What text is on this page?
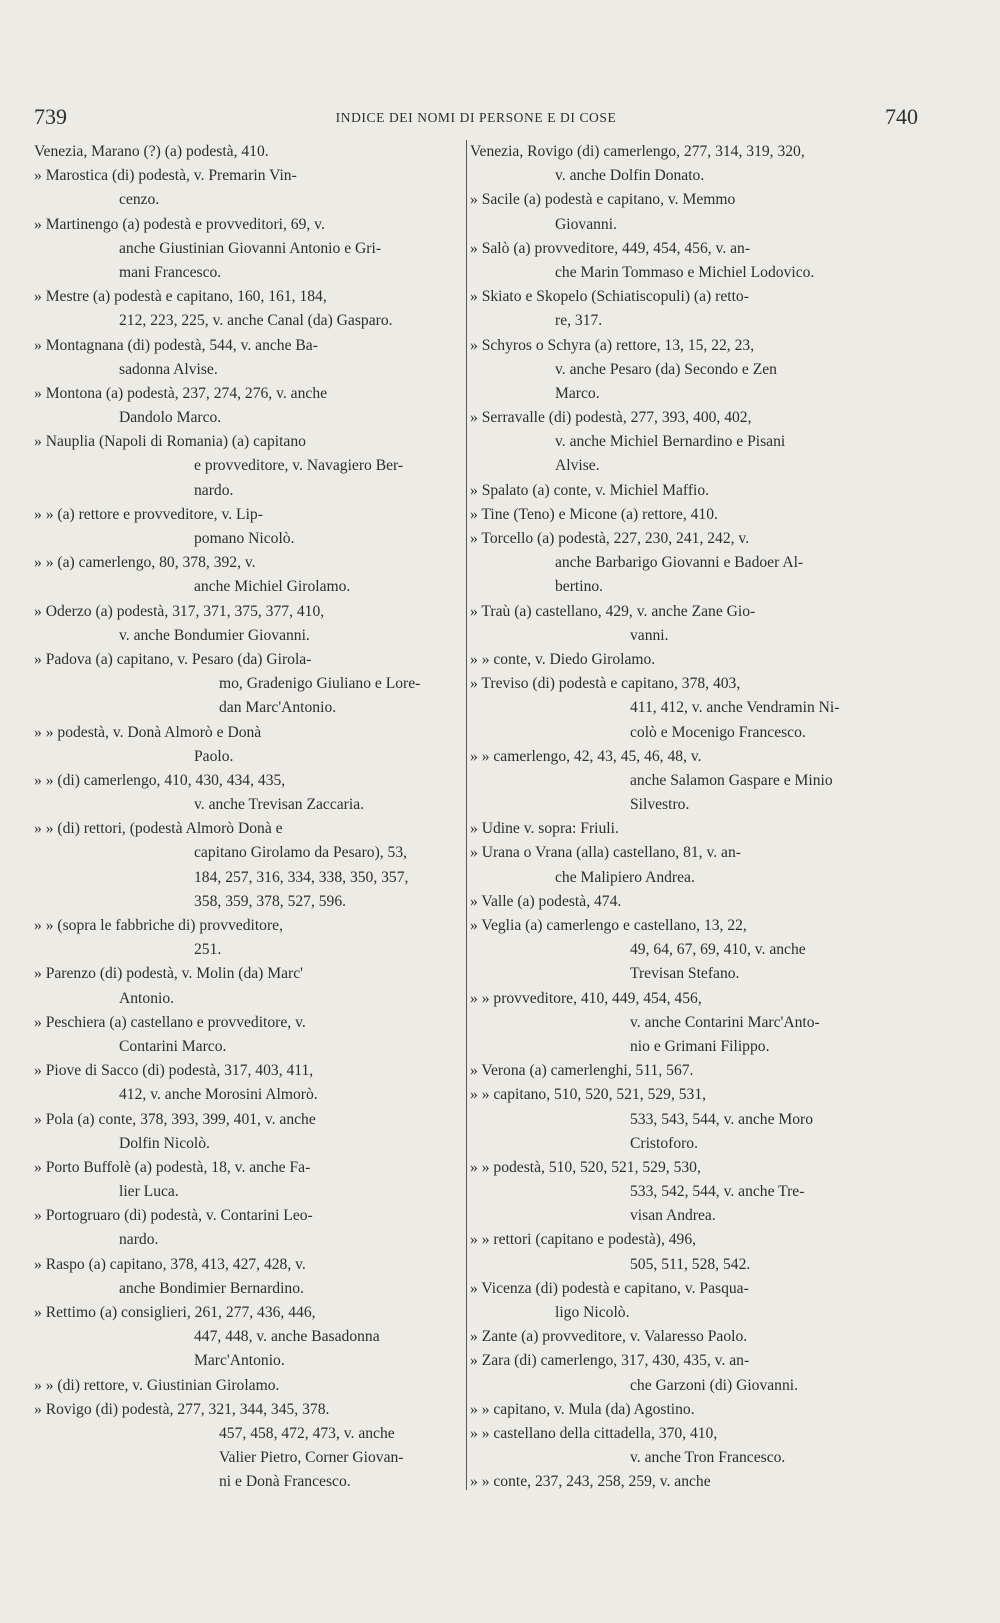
739	INDICE DEI NOMI DI PERSONE E DI COSE	740
Venezia, Marano (?) (a) podestà, 410.
» Marostica (di) podestà, v. Premarin Vin-
cenzo.
» Martinengo (a) podestà e provveditori, 69, v.
anche Giustinian Giovanni Antonio e Gri-
mani Francesco.
» Mestre (a) podestà e capitano, 160, 161, 184,
212, 223, 225, v. anche Canal (da) Gasparo.
» Montagnana (di) podestà, 544, v. anche Ba-
sadonna Alvise.
» Montona (a) podestà, 237, 274, 276, v. anche
Dandolo Marco.
» Nauplia (Napoli di Romania) (a) capitano
e provveditore, v. Navagiero Ber-
nardo.
» » (a) rettore e provveditore, v. Lip-
pomano Nicolò.
» » (a) camerlengo, 80, 378, 392, v.
anche Michiel Girolamo.
» Oderzo (a) podestà, 317, 371, 375, 377, 410,
v. anche Bondumier Giovanni.
» Padova (a) capitano, v. Pesaro (da) Girola-
mo, Gradenigo Giuliano e Lore-
dan Marc'Antonio.
» » podestà, v. Donà Almorò e Donà
Paolo.
» » (di) camerlengo, 410, 430, 434, 435,
v. anche Trevisan Zaccaria.
» » (di) rettori, (podestà Almorò Donà e
capitano Girolamo da Pesaro), 53,
184, 257, 316, 334, 338, 350, 357,
358, 359, 378, 527, 596.
» » (sopra le fabbriche di) provveditore,
251.
» Parenzo (di) podestà, v. Molin (da) Marc'
Antonio.
» Peschiera (a) castellano e provveditore, v.
Contarini Marco.
» Piove di Sacco (di) podestà, 317, 403, 411,
412, v. anche Morosini Almorò.
» Pola (a) conte, 378, 393, 399, 401, v. anche
Dolfin Nicolò.
» Porto Buffolè (a) podestà, 18, v. anche Fa-
lier Luca.
» Portogruaro (di) podestà, v. Contarini Leo-
nardo.
» Raspo (a) capitano, 378, 413, 427, 428, v.
anche Bondimier Bernardino.
» Rettimo (a) consiglieri, 261, 277, 436, 446,
447, 448, v. anche Basadonna
Marc'Antonio.
» » (di) rettore, v. Giustinian Girolamo.
» Rovigo (di) podestà, 277, 321, 344, 345, 378.
457, 458, 472, 473, v. anche
Valier Pietro, Corner Giovan-
ni e Donà Francesco.
Venezia, Rovigo (di) camerlengo, 277, 314, 319, 320,
v. anche Dolfin Donato.
» Sacile (a) podestà e capitano, v. Memmo
Giovanni.
» Salò (a) provveditore, 449, 454, 456, v. an-
che Marin Tommaso e Michiel Lodovico.
» Skiato e Skopelo (Schiatiscopuli) (a) retto-
re, 317.
» Schyros o Schyra (a) rettore, 13, 15, 22, 23,
v. anche Pesaro (da) Secondo e Zen
Marco.
» Serravalle (di) podestà, 277, 393, 400, 402,
v. anche Michiel Bernardino e Pisani
Alvise.
» Spalato (a) conte, v. Michiel Maffio.
» Tine (Teno) e Micone (a) rettore, 410.
» Torcello (a) podestà, 227, 230, 241, 242, v.
anche Barbarigo Giovanni e Badoer Al-
bertino.
» Traù (a) castellano, 429, v. anche Zane Gio-
vanni.
» » conte, v. Diedo Girolamo.
» Treviso (di) podestà e capitano, 378, 403,
411, 412, v. anche Vendramin Ni-
colò e Mocenigo Francesco.
» » camerlengo, 42, 43, 45, 46, 48, v.
anche Salamon Gaspare e Minio
Silvestro.
» Udine v. sopra: Friuli.
» Urana o Vrana (alla) castellano, 81, v. an-
che Malipiero Andrea.
» Valle (a) podestà, 474.
» Veglia (a) camerlengo e castellano, 13, 22,
49, 64, 67, 69, 410, v. anche
Trevisan Stefano.
» » provveditore, 410, 449, 454, 456,
v. anche Contarini Marc'Anto-
nio e Grimani Filippo.
» Verona (a) camerlenghi, 511, 567.
» » capitano, 510, 520, 521, 529, 531,
533, 543, 544, v. anche Moro
Cristoforo.
» » podestà, 510, 520, 521, 529, 530,
533, 542, 544, v. anche Tre-
visan Andrea.
» » rettori (capitano e podestà), 496,
505, 511, 528, 542.
» Vicenza (di) podestà e capitano, v. Pasqua-
ligo Nicolò.
» Zante (a) provveditore, v. Valaresso Paolo.
» Zara (di) camerlengo, 317, 430, 435, v. an-
che Garzoni (di) Giovanni.
» » capitano, v. Mula (da) Agostino.
» » castellano della cittadella, 370, 410,
v. anche Tron Francesco.
» » conte, 237, 243, 258, 259, v. anche
